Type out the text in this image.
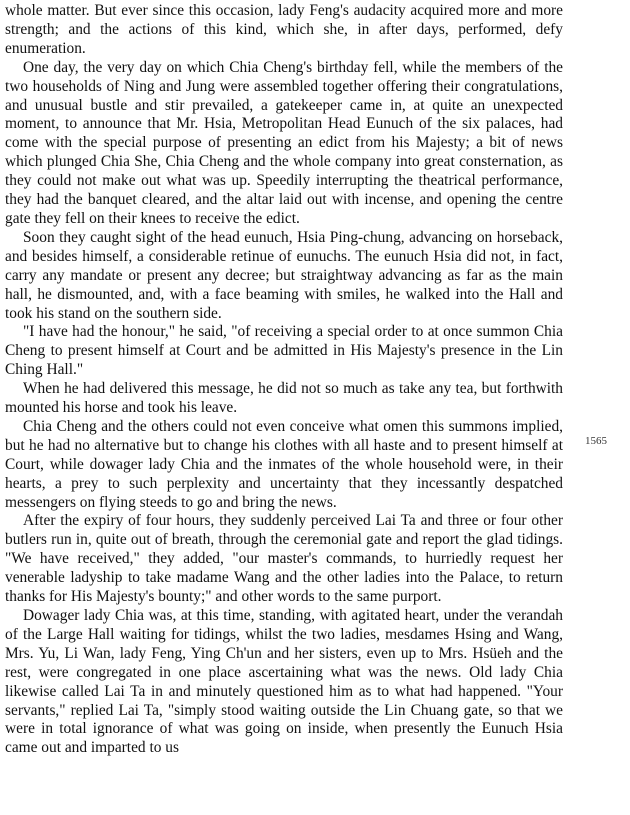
whole matter. But ever since this occasion, lady Feng's audacity acquired more and more strength; and the actions of this kind, which she, in after days, performed, defy enumeration.

One day, the very day on which Chia Cheng's birthday fell, while the members of the two households of Ning and Jung were assembled together offering their congratulations, and unusual bustle and stir prevailed, a gatekeeper came in, at quite an unexpected moment, to announce that Mr. Hsia, Metropolitan Head Eunuch of the six palaces, had come with the special purpose of presenting an edict from his Majesty; a bit of news which plunged Chia She, Chia Cheng and the whole company into great consternation, as they could not make out what was up. Speedily interrupting the theatrical performance, they had the banquet cleared, and the altar laid out with incense, and opening the centre gate they fell on their knees to receive the edict.

Soon they caught sight of the head eunuch, Hsia Ping-chung, advancing on horseback, and besides himself, a considerable retinue of eunuchs. The eunuch Hsia did not, in fact, carry any mandate or present any decree; but straightway advancing as far as the main hall, he dismounted, and, with a face beaming with smiles, he walked into the Hall and took his stand on the southern side.

"I have had the honour," he said, "of receiving a special order to at once summon Chia Cheng to present himself at Court and be admitted in His Majesty's presence in the Lin Ching Hall."

When he had delivered this message, he did not so much as take any tea, but forthwith mounted his horse and took his leave.

Chia Cheng and the others could not even conceive what omen this summons implied, but he had no alternative but to change his clothes with all haste and to present himself at Court, while dowager lady Chia and the inmates of the whole household were, in their hearts, a prey to such perplexity and uncertainty that they incessantly despatched messengers on flying steeds to go and bring the news.

After the expiry of four hours, they suddenly perceived Lai Ta and three or four other butlers run in, quite out of breath, through the ceremonial gate and report the glad tidings. "We have received," they added, "our master's commands, to hurriedly request her venerable ladyship to take madame Wang and the other ladies into the Palace, to return thanks for His Majesty's bounty;" and other words to the same purport.

Dowager lady Chia was, at this time, standing, with agitated heart, under the verandah of the Large Hall waiting for tidings, whilst the two ladies, mesdames Hsing and Wang, Mrs. Yu, Li Wan, lady Feng, Ying Ch'un and her sisters, even up to Mrs. Hsüeh and the rest, were congregated in one place ascertaining what was the news. Old lady Chia likewise called Lai Ta in and minutely questioned him as to what had happened. "Your servants," replied Lai Ta, "simply stood waiting outside the Lin Chuang gate, so that we were in total ignorance of what was going on inside, when presently the Eunuch Hsia came out and imparted to us

1565
